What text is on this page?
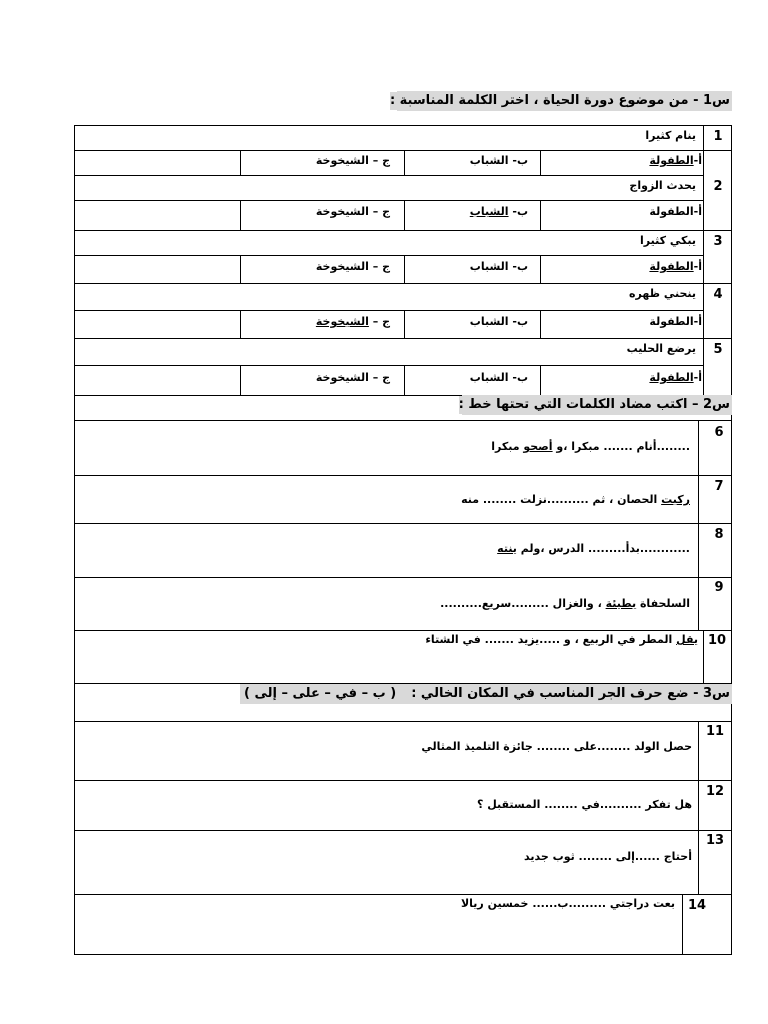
س1 - من موضوع دورة الحياة ، اختر الكلمة المناسبة :
1
ينام كثيرا
أ-الطفولة
ب- الشباب
ج – الشيخوخة
2
يحدث الزواج
أ-الطفولة
ب- الشباب
ج – الشيخوخة
3
يبكي كثيرا
أ-الطفولة
ب- الشباب
ج – الشيخوخة
4
ينحني ظهره
أ-الطفولة
ب- الشباب
ج – الشيخوخة
5
يرضع الحليب
أ-الطفولة
ب- الشباب
ج – الشيخوخة
س2 – اكتب مضاد الكلمات التي تحتها خط :
6
........أنام ....... مبكرا ،و أصحو مبكرا
7
ركبت الحصان ، ثم ..........نزلت ........ منه
8
............بدأ......... الدرس ،ولم ينته
9
السلحفاة بطيئة ، والغزال .........سريع..........
10
يقل المطر في الربيع ، و .....يزيد ....... في الشتاء
س3 - ضع حرف الجر المناسب في المكان الخالي :
( ب – في – على – إلى )
11
حصل الولد ........على ........ جائزة التلميذ المثالي
12
هل تفكر ..........في ........ المستقبل ؟
13
أحتاج ......إلى ........ ثوب جديد
14
بعت دراجتي .........ب...... خمسين ريالا
